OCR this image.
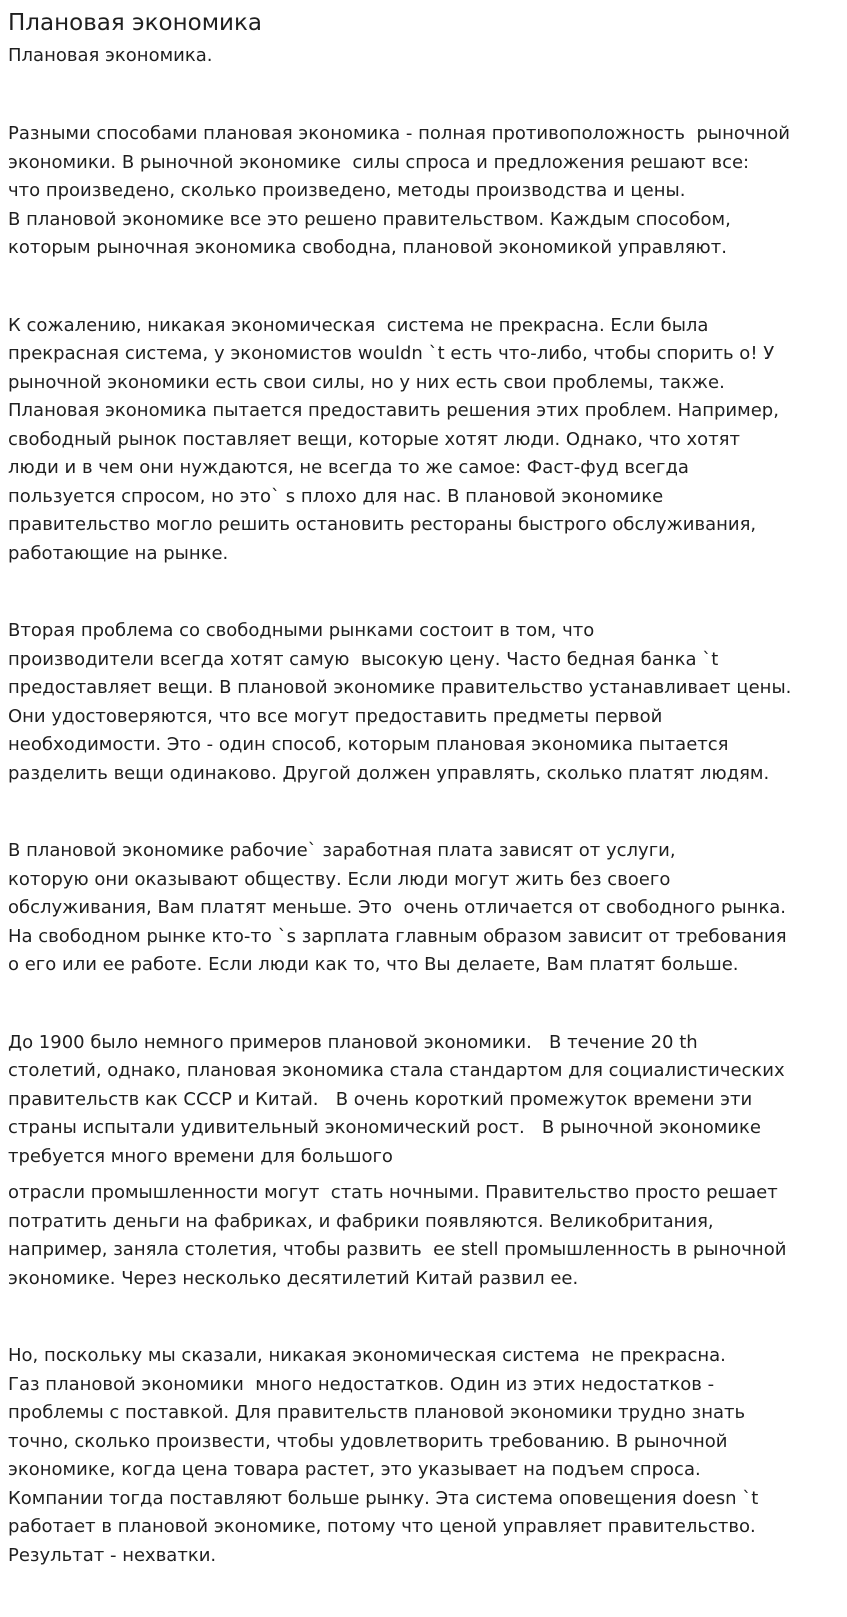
Плановая экономика

Плановая экономика.

Разными способами плановая экономика - полная противоположность  рыночной
экономики. В рыночной экономике  силы спроса и предложения решают все:
что произведено, сколько произведено, методы производства и цены.
В плановой экономике все это решено правительством. Каждым способом,
которым рыночная экономика свободна, плановой экономикой управляют.

К сожалению, никакая экономическая  система не прекрасна. Если была
прекрасная система, у экономистов wouldn `t есть что-либо, чтобы спорить о! У
рыночной экономики есть свои силы, но у них есть свои проблемы, также.
Плановая экономика пытается предоставить решения этих проблем. Например,
свободный рынок поставляет вещи, которые хотят люди. Однако, что хотят
люди и в чем они нуждаются, не всегда то же самое: Фаст-фуд всегда
пользуется спросом, но это` s плохо для нас. В плановой экономике
правительство могло решить остановить рестораны быстрого обслуживания,
работающие на рынке.

Вторая проблема со свободными рынками состоит в том, что
производители всегда хотят самую  высокую цену. Часто бедная банка `t
предоставляет вещи. В плановой экономике правительство устанавливает цены.
Они удостоверяются, что все могут предоставить предметы первой
необходимости. Это - один способ, которым плановая экономика пытается
разделить вещи одинаково. Другой должен управлять, сколько платят людям.

В плановой экономике рабочие` заработная плата зависят от услуги,
которую они оказывают обществу. Если люди могут жить без своего
обслуживания, Вам платят меньше. Это  очень отличается от свободного рынка.
На свободном рынке кто-то `s зарплата главным образом зависит от требования
о его или ее работе. Если люди как то, что Вы делаете, Вам платят больше.

До 1900 было немного примеров плановой экономики.   В течение 20 th
столетий, однако, плановая экономика стала стандартом для социалистических
правительств как СССР и Китай.   В очень короткий промежуток времени эти
страны испытали удивительный экономический рост.   В рыночной экономике
требуется много времени для большого

отрасли промышленности могут  стать ночными. Правительство просто решает
потратить деньги на фабриках, и фабрики появляются. Великобритания,
например, заняла столетия, чтобы развить  ее stell промышленность в рыночной
экономике. Через несколько десятилетий Китай развил ее.

Но, поскольку мы сказали, никакая экономическая система  не прекрасна.
Газ плановой экономики  много недостатков. Один из этих недостатков -
проблемы с поставкой. Для правительств плановой экономики трудно знать
точно, сколько произвести, чтобы удовлетворить требованию. В рыночной
экономике, когда цена товара растет, это указывает на подъем спроса.
Компании тогда поставляют больше рынку. Эта система оповещения doesn `t
работает в плановой экономике, потому что ценой управляет правительство.
Результат - нехватки.
